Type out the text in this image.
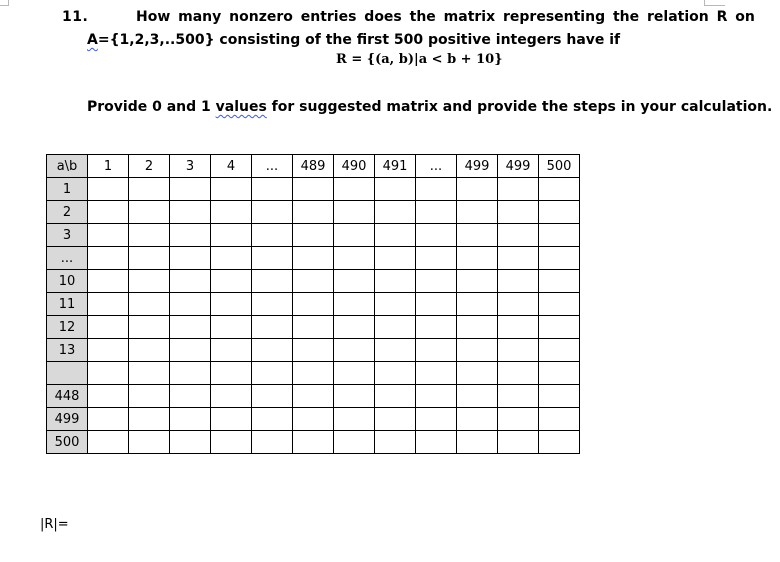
11.	How many nonzero entries does the matrix representing the relation R on
A={1,2,3,..500} consisting of the first 500 positive integers have if
R = {(a, b)|a < b + 10}
Provide 0 and 1 values for suggested matrix and provide the steps in your calculation.
a\b	1	2	3	4	...	489	490	491	...	499	499	500
1												
2												
3												
...												
10												
11												
12												
13												

448												
499												
500												
|R|=
